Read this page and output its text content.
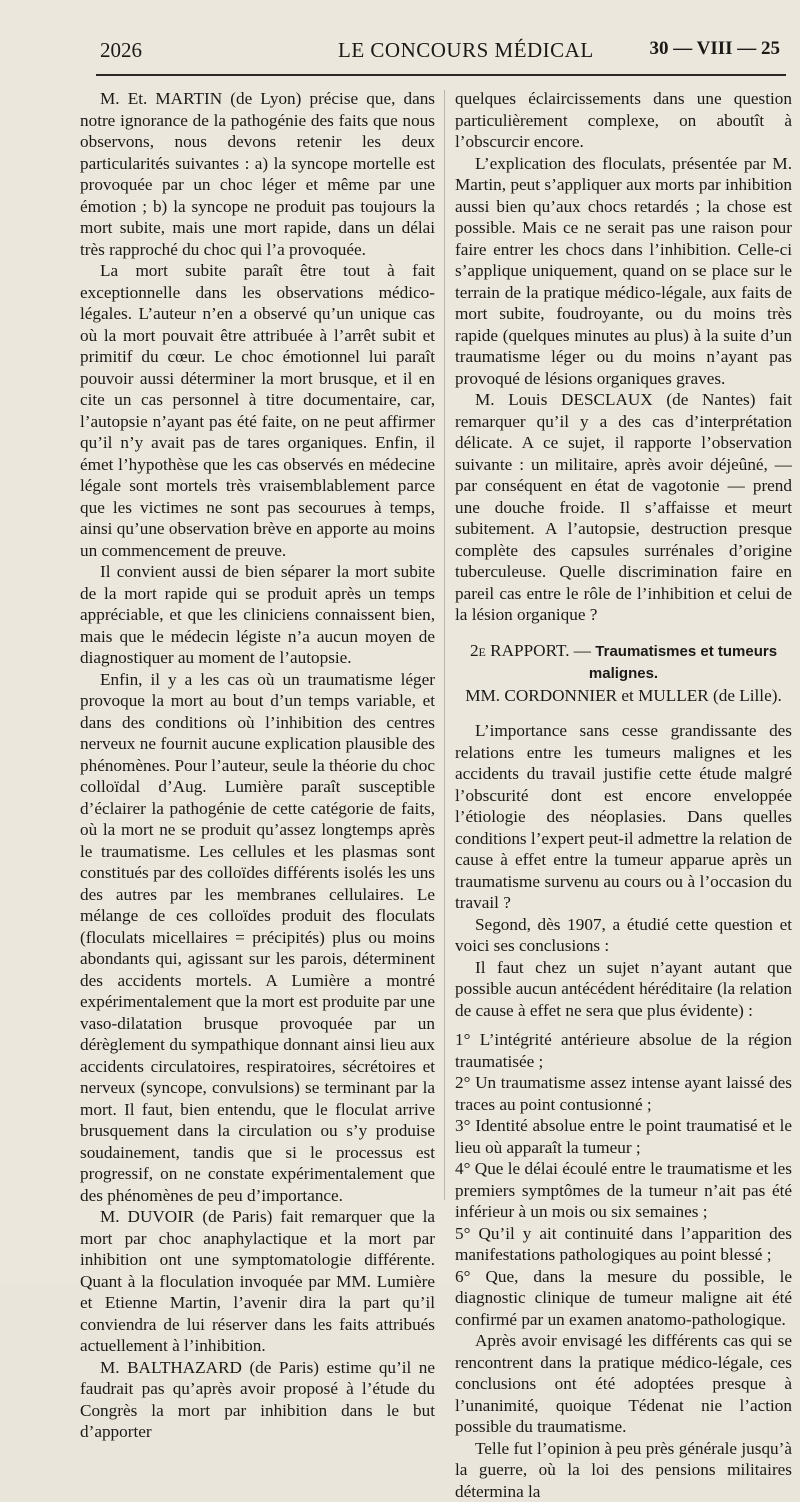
2026	LE CONCOURS MÉDICAL	30 — VIII — 25

M. Et. MARTIN (de Lyon) précise que, dans notre ignorance de la pathogénie des faits que nous observons, nous devons retenir les deux particularités suivantes : a) la syncope mortelle est provoquée par un choc léger et même par une émotion ; b) la syncope ne produit pas toujours la mort subite, mais une mort rapide, dans un délai très rapproché du choc qui l’a provoquée.

La mort subite paraît être tout à fait exceptionnelle dans les observations médico-légales. L’auteur n’en a observé qu’un unique cas où la mort pouvait être attribuée à l’arrêt subit et primitif du cœur. Le choc émotionnel lui paraît pouvoir aussi déterminer la mort brusque, et il en cite un cas personnel à titre documentaire, car, l’autopsie n’ayant pas été faite, on ne peut affirmer qu’il n’y avait pas de tares organiques. Enfin, il émet l’hypothèse que les cas observés en médecine légale sont mortels très vraisemblablement parce que les victimes ne sont pas secourues à temps, ainsi qu’une observation brève en apporte au moins un commencement de preuve.

Il convient aussi de bien séparer la mort subite de la mort rapide qui se produit après un temps appréciable, et que les cliniciens connaissent bien, mais que le médecin légiste n’a aucun moyen de diagnostiquer au moment de l’autopsie.

Enfin, il y a les cas où un traumatisme léger provoque la mort au bout d’un temps variable, et dans des conditions où l’inhibition des centres nerveux ne fournit aucune explication plausible des phénomènes. Pour l’auteur, seule la théorie du choc colloïdal d’Aug. Lumière paraît susceptible d’éclairer la pathogénie de cette catégorie de faits, où la mort ne se produit qu’assez longtemps après le traumatisme. Les cellules et les plasmas sont constitués par des colloïdes différents isolés les uns des autres par les membranes cellulaires. Le mélange de ces colloïdes produit des floculats (floculats micellaires = précipités) plus ou moins abondants qui, agissant sur les parois, déterminent des accidents mortels. A Lumière a montré expérimentalement que la mort est produite par une vaso-dilatation brusque provoquée par un dérèglement du sympathique donnant ainsi lieu aux accidents circulatoires, respiratoires, sécrétoires et nerveux (syncope, convulsions) se terminant par la mort. Il faut, bien entendu, que le floculat arrive brusquement dans la circulation ou s’y produise soudainement, tandis que si le processus est progressif, on ne constate expérimentalement que des phénomènes de peu d’importance.

M. DUVOIR (de Paris) fait remarquer que la mort par choc anaphylactique et la mort par inhibition ont une symptomatologie différente. Quant à la floculation invoquée par MM. Lumière et Etienne Martin, l’avenir dira la part qu’il conviendra de lui réserver dans les faits attribués actuellement à l’inhibition.

M. BALTHAZARD (de Paris) estime qu’il ne faudrait pas qu’après avoir proposé à l’étude du Congrès la mort par inhibition dans le but d’apporter

quelques éclaircissements dans une question particulièrement complexe, on aboutît à l’obscurcir encore.

L’explication des floculats, présentée par M. Martin, peut s’appliquer aux morts par inhibition aussi bien qu’aux chocs retardés ; la chose est possible. Mais ce ne serait pas une raison pour faire entrer les chocs dans l’inhibition. Celle-ci s’applique uniquement, quand on se place sur le terrain de la pratique médico-légale, aux faits de mort subite, foudroyante, ou du moins très rapide (quelques minutes au plus) à la suite d’un traumatisme léger ou du moins n’ayant pas provoqué de lésions organiques graves.

M. Louis DESCLAUX (de Nantes) fait remarquer qu’il y a des cas d’interprétation délicate. A ce sujet, il rapporte l’observation suivante : un militaire, après avoir déjeûné, — par conséquent en état de vagotonie — prend une douche froide. Il s’affaisse et meurt subitement. A l’autopsie, destruction presque complète des capsules surrénales d’origine tuberculeuse. Quelle discrimination faire en pareil cas entre le rôle de l’inhibition et celui de la lésion organique ?

2e RAPPORT. — Traumatismes et tumeurs malignes.

MM. CORDONNIER et MULLER (de Lille).

L’importance sans cesse grandissante des relations entre les tumeurs malignes et les accidents du travail justifie cette étude malgré l’obscurité dont est encore enveloppée l’étiologie des néoplasies. Dans quelles conditions l’expert peut-il admettre la relation de cause à effet entre la tumeur apparue après un traumatisme survenu au cours ou à l’occasion du travail ?

Segond, dès 1907, a étudié cette question et voici ses conclusions :

Il faut chez un sujet n’ayant autant que possible aucun antécédent héréditaire (la relation de cause à effet ne sera que plus évidente) :

1° L’intégrité antérieure absolue de la région traumatisée ;

2° Un traumatisme assez intense ayant laissé des traces au point contusionné ;

3° Identité absolue entre le point traumatisé et le lieu où apparaît la tumeur ;

4° Que le délai écoulé entre le traumatisme et les premiers symptômes de la tumeur n’ait pas été inférieur à un mois ou six semaines ;

5° Qu’il y ait continuité dans l’apparition des manifestations pathologiques au point blessé ;

6° Que, dans la mesure du possible, le diagnostic clinique de tumeur maligne ait été confirmé par un examen anatomo-pathologique.

Après avoir envisagé les différents cas qui se rencontrent dans la pratique médico-légale, ces conclusions ont été adoptées presque à l’unanimité, quoique Tédenat nie l’action possible du traumatisme.

Telle fut l’opinion à peu près générale jusqu’à la guerre, où la loi des pensions militaires détermina la
